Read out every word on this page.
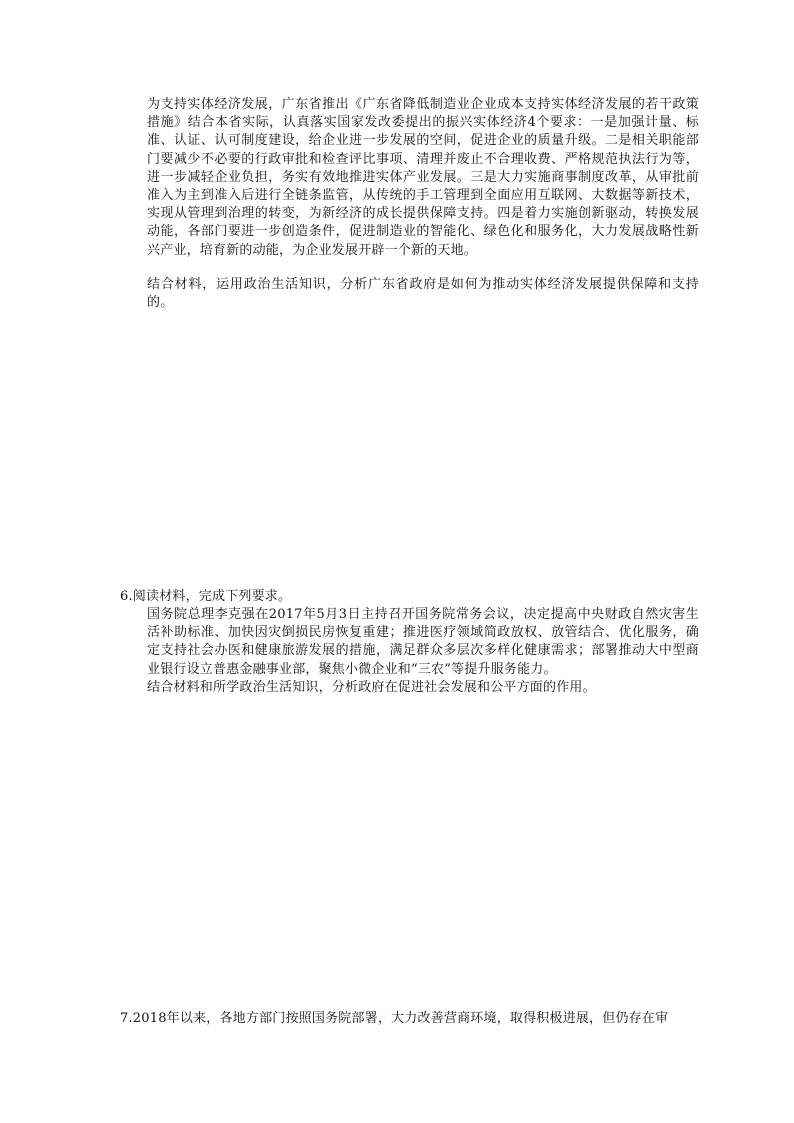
为支持实体经济发展，广东省推出《广东省降低制造业企业成本支持实体经济发展的若干政策措施》结合本省实际，认真落实国家发改委提出的振兴实体经济4个要求：一是加强计量、标准、认证、认可制度建设，给企业进一步发展的空间，促进企业的质量升级。二是相关职能部门要减少不必要的行政审批和检查评比事项、清理并废止不合理收费、严格规范执法行为等，进一步减轻企业负担，务实有效地推进实体产业发展。三是大力实施商事制度改革，从审批前准入为主到准入后进行全链条监管，从传统的手工管理到全面应用互联网、大数据等新技术，实现从管理到治理的转变，为新经济的成长提供保障支持。四是着力实施创新驱动，转换发展动能，各部门要进一步创造条件，促进制造业的智能化、绿色化和服务化，大力发展战略性新兴产业，培育新的动能，为企业发展开辟一个新的天地。
结合材料，运用政治生活知识，分析广东省政府是如何为推动实体经济发展提供保障和支持的。
6.阅读材料，完成下列要求。
国务院总理李克强在2017年5月3日主持召开国务院常务会议，决定提高中央财政自然灾害生活补助标准、加快因灾倒损民房恢复重建；推进医疗领域简政放权、放管结合、优化服务，确定支持社会办医和健康旅游发展的措施，满足群众多层次多样化健康需求；部署推动大中型商业银行设立普惠金融事业部，聚焦小微企业和“三农”等提升服务能力。
结合材料和所学政治生活知识，分析政府在促进社会发展和公平方面的作用。
7.2018年以来，各地方部门按照国务院部署，大力改善营商环境，取得积极进展，但仍存在审
